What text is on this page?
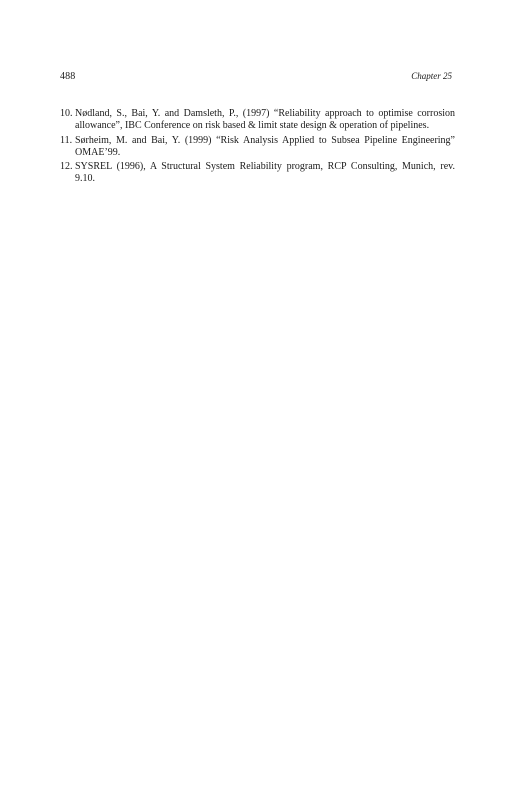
488	Chapter 25
10. Nødland, S., Bai, Y. and Damsleth, P., (1997) “Reliability approach to optimise corrosion allowance”, IBC Conference on risk based & limit state design & operation of pipelines.
11. Sørheim, M. and Bai, Y. (1999) “Risk Analysis Applied to Subsea Pipeline Engineering” OMAE’99.
12. SYSREL (1996), A Structural System Reliability program, RCP Consulting, Munich, rev. 9.10.
